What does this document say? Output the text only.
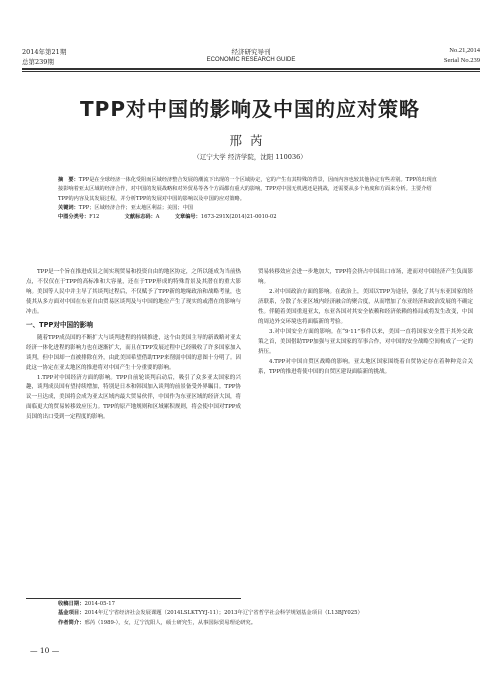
2014年第21期
总第239期
经济研究导刊
ECONOMIC RESEARCH GUIDE
No.21,2014
Serial No.239
TPP对中国的影响及中国的应对策略
邢芮
（辽宁大学 经济学院，沈阳 110036）
摘　要：TPP是在全球经济一体化受阻而区域经济整合发展的潮流下出现的一个区域协定，它的产生有其特殊的背景，因而内容也较其他协定有些差别。TPP的出现直接影响着亚太区域的经济合作，对中国的发展战略和对外贸易等各个方面都有重大的影响。TPP对中国无机遇还是挑战，还需要从多个角度和方面来分析。主要介绍TPP的内容及其发展过程，并分析TPP的发展对中国的影响以及中国的应对策略。
关键词：TPP；区域经济合作；亚太地区利益；美国；中国
中图分类号：F12	文献标志码：A	文章编号：1673-291X(2014)21-0010-02

TPP是一个旨在推进成员之间实现贸易和投资自由的地区协定，之所以能成为当前热点，不仅仅在于TPP的高标准和大容量，还在于TPP形成的特殊背景及其潜在的重大影响。美国等人民中并主导了其谈判过程后，不仅赋予了TPP新的地缘政治和战略考量，也使其从多方面对中国在东亚自由贸易区谈判及与中国的地位产生了现实的或潜在的影响与冲击。

一、TPP对中国的影响

随着TPP成员国的不断扩大与谈判进程的持续推进，这个由美国主导的新战略对亚太经济一体化进程的影响力也在逐渐扩大，而且在TPP发展过程中已经吸收了许多国家加入谈判，但中国却一直被排除在外，由此美国希望借助TPP来削弱中国的意图十分明了。因此这一协定在亚太地区的推进将对中国产生十分重要的影响。

1.TPP对中国经济方面的影响。TPP自前轮谈判启动后，吸引了众多亚太国家的兴趣，谈判成员国有望持续增加，特别是日本和韩国加入谈判的前景备受外界瞩目。TPP协议一旦达成，美国将会成为亚太区域内最大贸易伙伴，中国作为东亚区域的经济大国，将面临更大的贸易转移效应压力。TPP的原产地规则和区域累积规则，将会使中国对TPP成员国的出口受到一定程度的影响。

贸易转移效应会进一步地加大，TPP将会挤占中国出口市场，进而对中国经济产生负面影响。

2.对中国政治方面的影响。在政治上，美国以TPP为途径，强化了其与东亚国家的经济联系，分散了东亚区域内经济融合的聚合度，从而增加了东亚经济和政治发展的不确定性。伴随着美国重返亚太，东亚各国对其安全依赖和经济依赖的格局或将发生改变，中国的周边外交环境也将面临新的考验。

3.对中国安全方面的影响。在“9·11”事件以来，美国一直将国家安全置于其外交政策之首，美国借助TPP加强与亚太国家的军事合作，对中国的安全战略空间构成了一定的挤压。

4.TPP对中国自贸区战略的影响。亚太地区国家围绕着自贸协定存在着种种竞合关系，TPP的推进将使中国的自贸区建设面临新的挑战。

收稿日期：2014-05-17
基金项目：2014年辽宁省经济社会发展课题（2014LSLKTYYJ-11）；2013年辽宁省哲学社会科学规划基金项目（L13BJY025）
作者简介：邢芮（1989-），女，辽宁沈阳人，硕士研究生，从事国际贸易理论研究。
— 10 —
